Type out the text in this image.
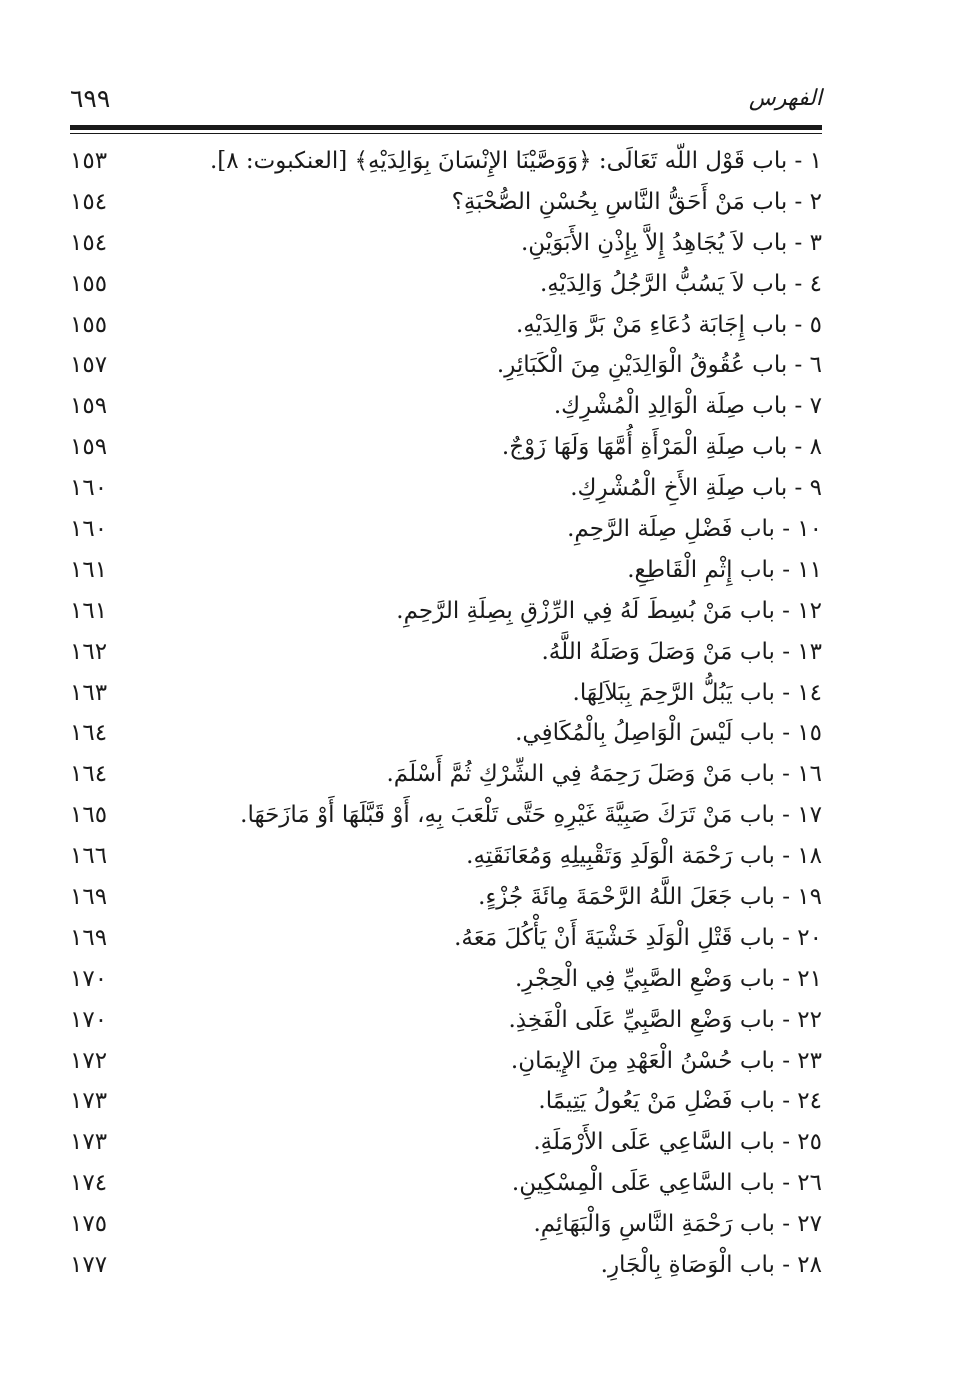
٦٩٩	الفهرس
١ - باب قَوْل اللّه تَعَالَى: ﴿وَوَصَّيْنَا الإِنْسَانَ بِوَالِدَيْهِ﴾ [العنكبوت: ٨].
١٥٣
٢ - باب مَنْ أَحَقُّ النَّاسِ بِحُسْنِ الصُّحْبَةِ؟
١٥٤
٣ - باب لاَ يُجَاهِدُ إِلاَّ بِإِذْنِ الأَبَوَيْنِ.
١٥٤
٤ - باب لاَ يَسُبُّ الرَّجُلُ وَالِدَيْهِ.
١٥٥
٥ - باب إِجَابَة دُعَاءِ مَنْ بَرَّ وَالِدَيْهِ.
١٥٥
٦ - باب عُقُوقُ الْوَالِدَيْنِ مِنَ الْكَبَائِرِ.
١٥٧
٧ - باب صِلَة الْوَالِدِ الْمُشْرِكِ.
١٥٩
٨ - باب صِلَةِ الْمَرْأَةِ أُمَّهَا وَلَهَا زَوْجٌ.
١٥٩
٩ - باب صِلَةِ الأَخِ الْمُشْرِكِ.
١٦٠
١٠ - باب فَضْلِ صِلَة الرَّحِمِ.
١٦٠
١١ - باب إِثْمِ الْقَاطِعِ.
١٦١
١٢ - باب مَنْ بُسِطَ لَهُ فِي الرِّزْقِ بِصِلَةِ الرَّحِمِ.
١٦١
١٣ - باب مَنْ وَصَلَ وَصَلَهُ اللَّهُ.
١٦٢
١٤ - باب يَبُلُّ الرَّحِمَ بِبَلاَلِهَا.
١٦٣
١٥ - باب لَيْسَ الْوَاصِلُ بِالْمُكَافِي.
١٦٤
١٦ - باب مَنْ وَصَلَ رَحِمَهُ فِي الشِّرْكِ ثُمَّ أَسْلَمَ.
١٦٤
١٧ - باب مَنْ تَرَكَ صَبِيَّةَ غَيْرِهِ حَتَّى تَلْعَبَ بِهِ، أَوْ قَبَّلَهَا أَوْ مَازَحَهَا.
١٦٥
١٨ - باب رَحْمَة الْوَلَدِ وَتَقْبِيلِهِ وَمُعَانَقَتِهِ.
١٦٦
١٩ - باب جَعَلَ اللَّهُ الرَّحْمَةَ مِائَةَ جُزْءٍ.
١٦٩
٢٠ - باب قَتْلِ الْوَلَدِ خَشْيَةَ أَنْ يَأْكُلَ مَعَهُ.
١٦٩
٢١ - باب وَضْعِ الصَّبِيِّ فِي الْحِجْرِ.
١٧٠
٢٢ - باب وَضْعِ الصَّبِيِّ عَلَى الْفَخِذِ.
١٧٠
٢٣ - باب حُسْنُ الْعَهْدِ مِنَ الإِيمَانِ.
١٧٢
٢٤ - باب فَضْلِ مَنْ يَعُولُ يَتِيمًا.
١٧٣
٢٥ - باب السَّاعِي عَلَى الأَرْمَلَةِ.
١٧٣
٢٦ - باب السَّاعِي عَلَى الْمِسْكِينِ.
١٧٤
٢٧ - باب رَحْمَةِ النَّاسِ وَالْبَهَائِمِ.
١٧٥
٢٨ - باب الْوَصَاةِ بِالْجَارِ.
١٧٧
